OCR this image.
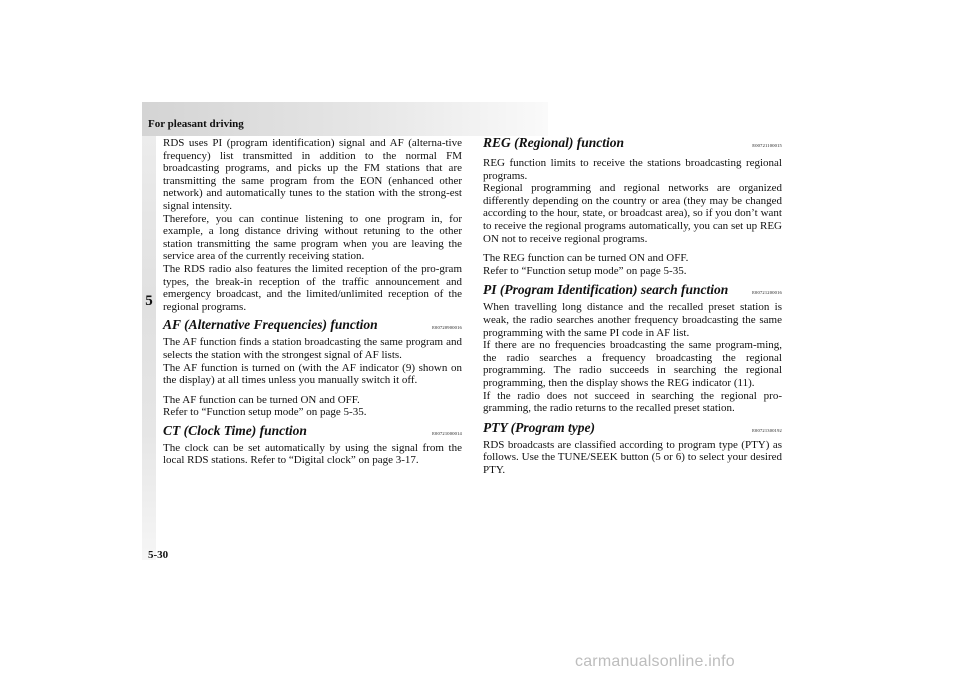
For pleasant driving
5

RDS uses PI (program identification) signal and AF (alterna-tive frequency) list transmitted in addition to the normal FM broadcasting programs, and picks up the FM stations that are transmitting the same program from the EON (enhanced other network) and automatically tunes to the station with the strong-est signal intensity.

Therefore, you can continue listening to one program in, for example, a long distance driving without retuning to the other station transmitting the same program when you are leaving the service area of the currently receiving station.

The RDS radio also features the limited reception of the pro-gram types, the break-in reception of the traffic announcement and emergency broadcast, and the limited/unlimited reception of the regional programs.

AF (Alternative Frequencies) function	E00720900016

The AF function finds a station broadcasting the same program and selects the station with the strongest signal of AF lists.

The AF function is turned on (with the AF indicator (9) shown on the display) at all times unless you manually switch it off.

The AF function can be turned ON and OFF.

Refer to “Function setup mode” on page 5-35.

CT (Clock Time) function	E00721000014

The clock can be set automatically by using the signal from the local RDS stations. Refer to “Digital clock” on page 3-17.

REG (Regional) function	E00721100015

REG function limits to receive the stations broadcasting regional programs.

Regional programming and regional networks are organized differently depending on the country or area (they may be changed according to the hour, state, or broadcast area), so if you don’t want to receive the regional programs automatically, you can set up REG ON not to receive regional programs.

The REG function can be turned ON and OFF.

Refer to “Function setup mode” on page 5-35.

PI (Program Identification) search function	E00721200016

When travelling long distance and the recalled preset station is weak, the radio searches another frequency broadcasting the same programming with the same PI code in AF list.

If there are no frequencies broadcasting the same program-ming, the radio searches a frequency broadcasting the regional programming. The radio succeeds in searching the regional programming, then the display shows the REG indicator (11).

If the radio does not succeed in searching the regional pro-gramming, the radio returns to the recalled preset station.

PTY (Program type)	E00721300192

RDS broadcasts are classified according to program type (PTY) as follows. Use the TUNE/SEEK button (5 or 6) to select your desired PTY.

5-30
carmanualsonline.info
